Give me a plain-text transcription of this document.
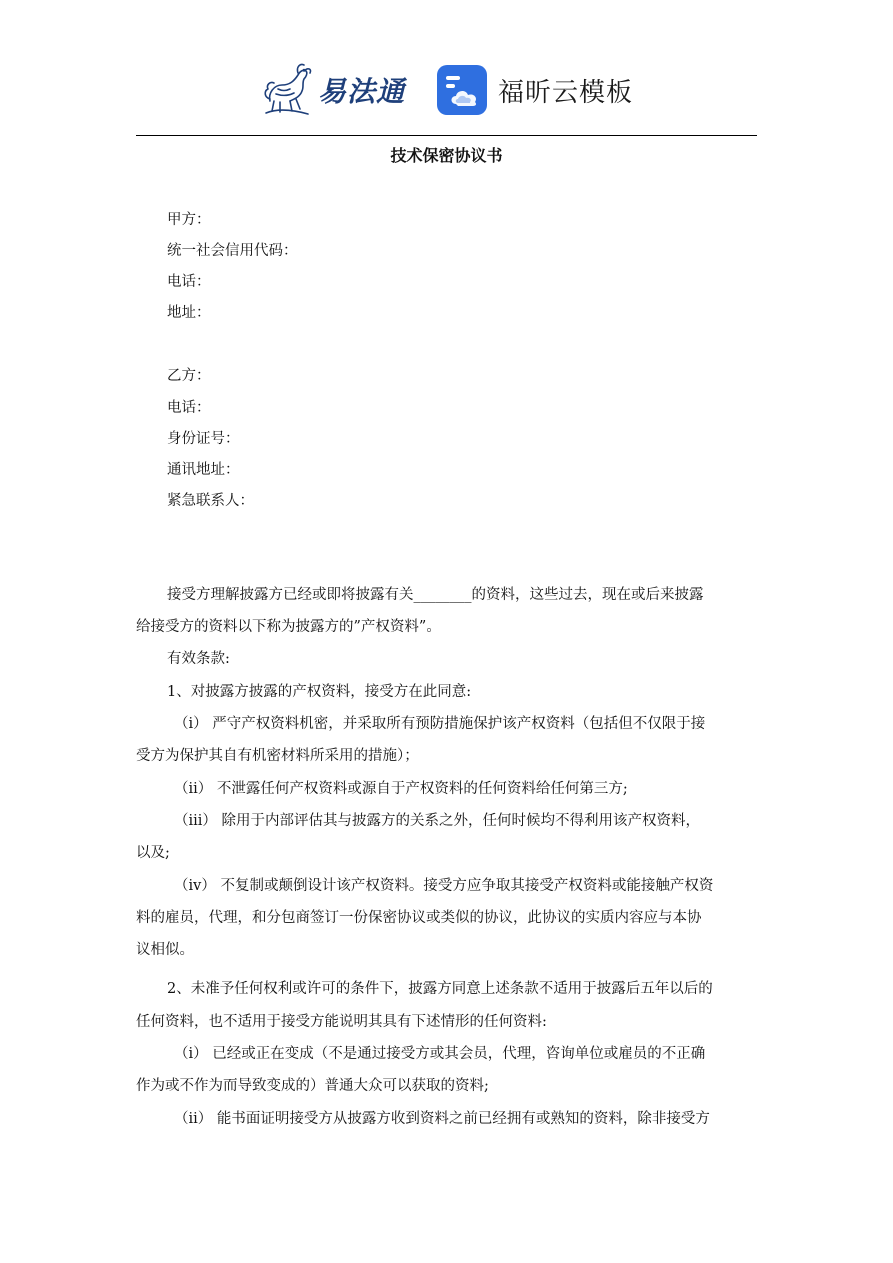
易法通	福昕云模板
技术保密协议书
甲方：
统一社会信用代码：
电话：
地址：
乙方：
电话：
身份证号：
通讯地址：
紧急联系人：
接受方理解披露方已经或即将披露有关________的资料，这些过去，现在或后来披露
给接受方的资料以下称为披露方的”产权资料”。
有效条款:
1、对披露方披露的产权资料，接受方在此同意:
（i） 严守产权资料机密，并采取所有预防措施保护该产权资料（包括但不仅限于接
受方为保护其自有机密材料所采用的措施）；
（ii） 不泄露任何产权资料或源自于产权资料的任何资料给任何第三方;
（iii） 除用于内部评估其与披露方的关系之外，任何时候均不得利用该产权资料，
以及;
（iv） 不复制或颠倒设计该产权资料。接受方应争取其接受产权资料或能接触产权资
料的雇员，代理，和分包商签订一份保密协议或类似的协议，此协议的实质内容应与本协
议相似。
2、未准予任何权利或许可的条件下，披露方同意上述条款不适用于披露后五年以后的
任何资料，也不适用于接受方能说明其具有下述情形的任何资料:
（i） 已经或正在变成（不是通过接受方或其会员，代理，咨询单位或雇员的不正确
作为或不作为而导致变成的）普通大众可以获取的资料;
（ii） 能书面证明接受方从披露方收到资料之前已经拥有或熟知的资料，除非接受方
